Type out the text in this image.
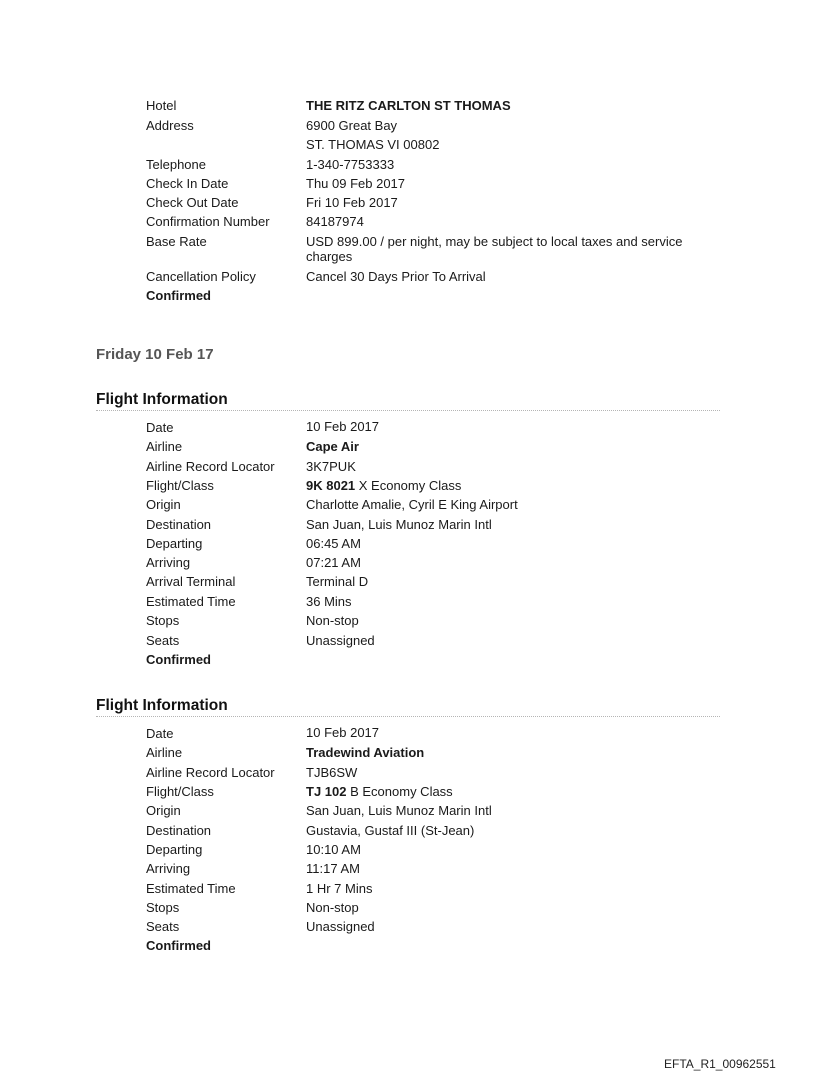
Hotel	THE RITZ CARLTON ST THOMAS
Address	6900 Great Bay
ST. THOMAS VI 00802
Telephone	1-340-7753333
Check In Date	Thu 09 Feb 2017
Check Out Date	Fri 10 Feb 2017
Confirmation Number	84187974
Base Rate	USD 899.00 / per night, may be subject to local taxes and service charges
Cancellation Policy	Cancel 30 Days Prior To Arrival
Confirmed
Friday 10 Feb 17
Flight Information
Date	10 Feb 2017
Airline	Cape Air
Airline Record Locator 3K7PUK
Flight/Class	9K 8021 X Economy Class
Origin	Charlotte Amalie, Cyril E King Airport
Destination	San Juan, Luis Munoz Marin Intl
Departing	06:45 AM
Arriving	07:21 AM
Arrival Terminal	Terminal D
Estimated Time	36 Mins
Stops	Non-stop
Seats	Unassigned
Confirmed
Flight Information
Date	10 Feb 2017
Airline	Tradewind Aviation
Airline Record Locator TJB6SW
Flight/Class	TJ 102 B Economy Class
Origin	San Juan, Luis Munoz Marin Intl
Destination	Gustavia, Gustaf III (St-Jean)
Departing	10:10 AM
Arriving	11:17 AM
Estimated Time	1 Hr 7 Mins
Stops	Non-stop
Seats	Unassigned
Confirmed
EFTA_R1_00962551
